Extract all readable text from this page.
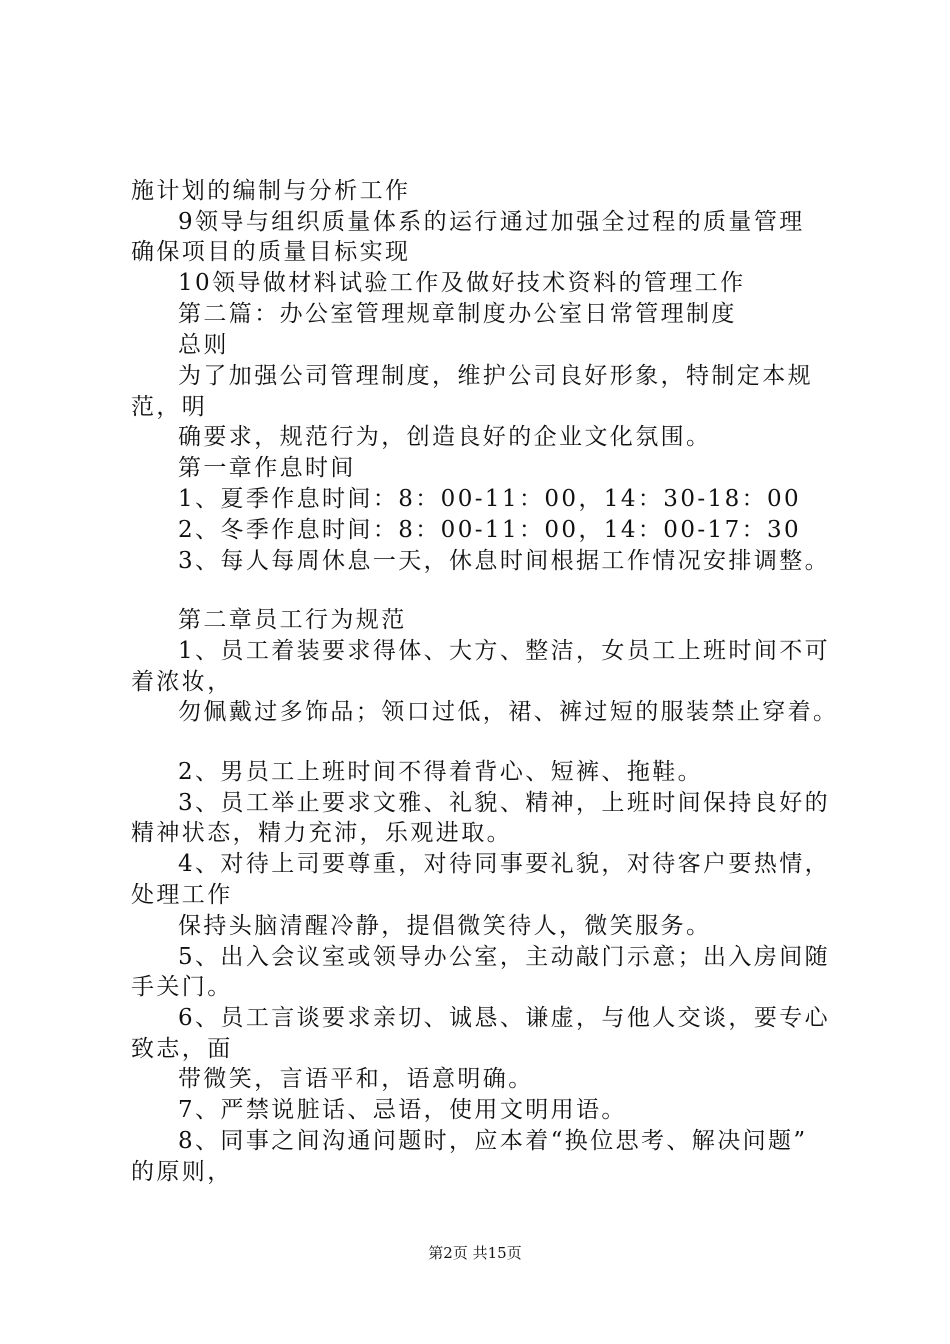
施计划的编制与分析工作
9领导与组织质量体系的运行通过加强全过程的质量管理
确保项目的质量目标实现
10领导做材料试验工作及做好技术资料的管理工作
第二篇：办公室管理规章制度办公室日常管理制度
总则
为了加强公司管理制度，维护公司良好形象，特制定本规
范，明
确要求，规范行为，创造良好的企业文化氛围。
第一章作息时间
1、夏季作息时间：8：00-11：00，14：30-18：00
2、冬季作息时间：8：00-11：00，14：00-17：30
3、每人每周休息一天，休息时间根据工作情况安排调整。
第二章员工行为规范
1、员工着装要求得体、大方、整洁，女员工上班时间不可
着浓妆，
勿佩戴过多饰品；领口过低，裙、裤过短的服装禁止穿着。
2、男员工上班时间不得着背心、短裤、拖鞋。
3、员工举止要求文雅、礼貌、精神，上班时间保持良好的
精神状态，精力充沛，乐观进取。
4、对待上司要尊重，对待同事要礼貌，对待客户要热情，
处理工作
保持头脑清醒冷静，提倡微笑待人，微笑服务。
5、出入会议室或领导办公室，主动敲门示意；出入房间随
手关门。
6、员工言谈要求亲切、诚恳、谦虚，与他人交谈，要专心
致志，面
带微笑，言语平和，语意明确。
7、严禁说脏话、忌语，使用文明用语。
8、同事之间沟通问题时，应本着“换位思考、解决问题”
的原则，
第2页 共15页
